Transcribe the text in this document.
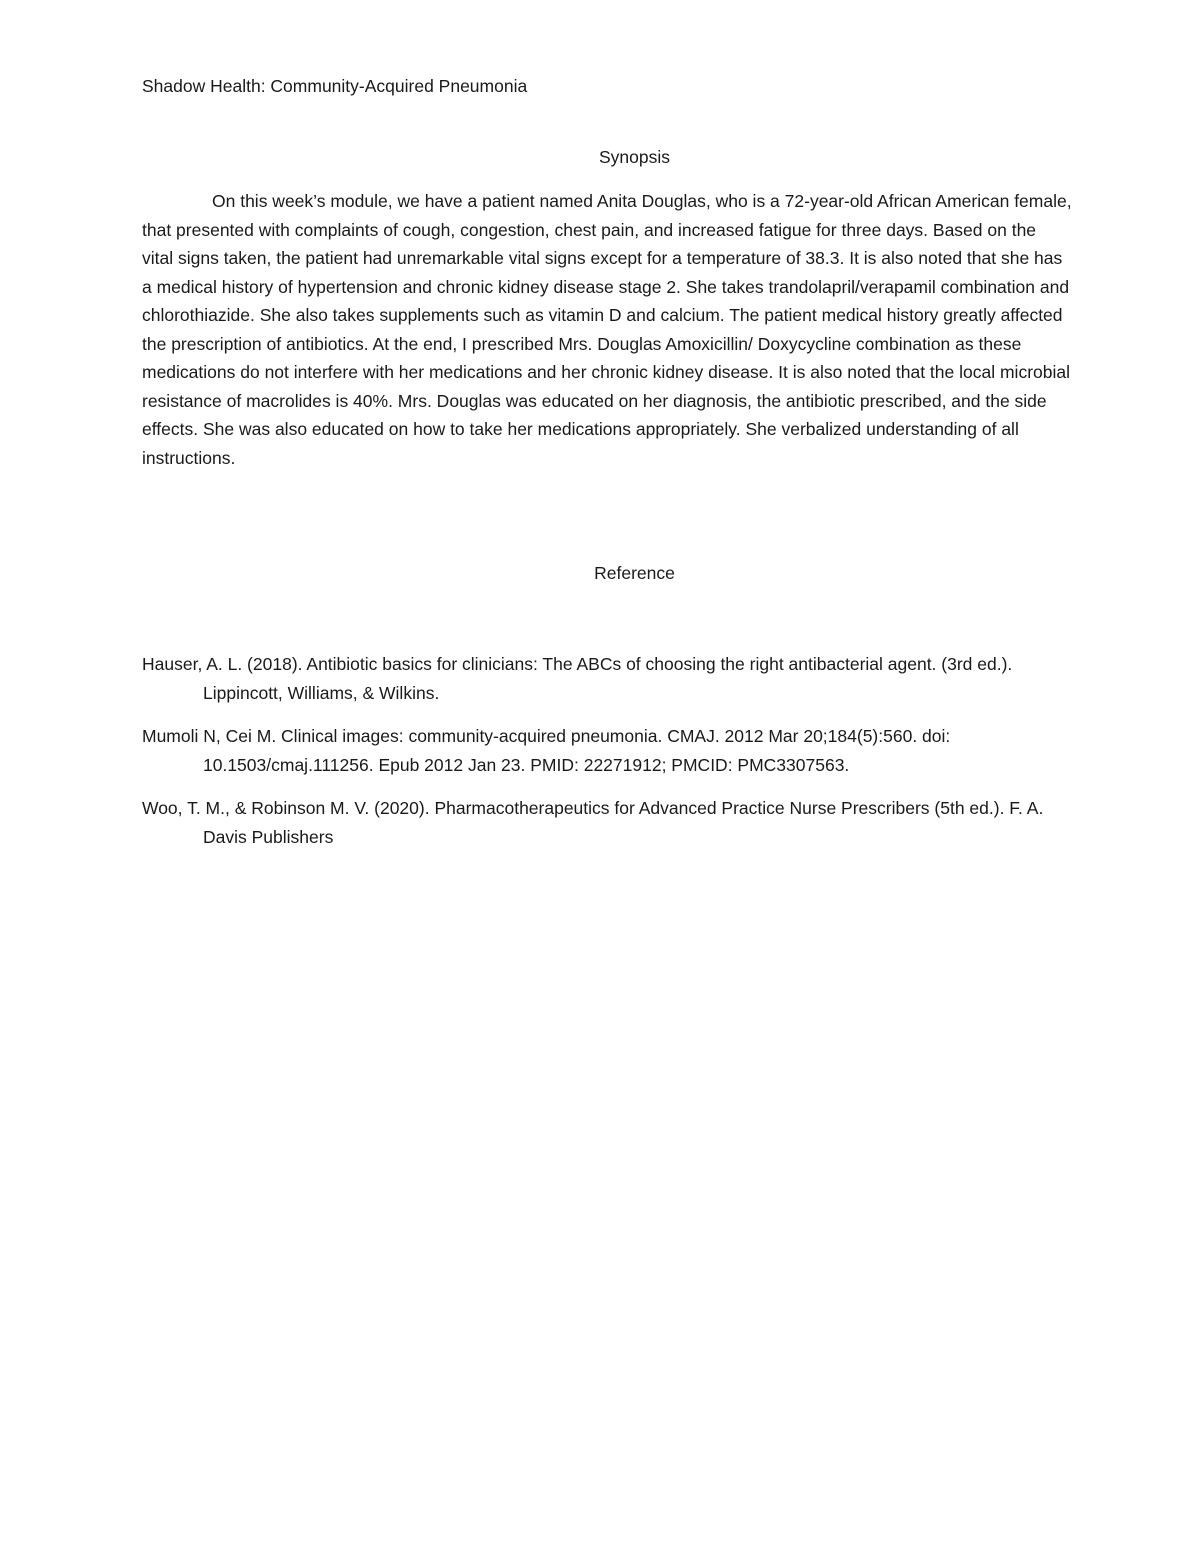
Shadow Health: Community-Acquired Pneumonia
Synopsis

On this week’s module, we have a patient named Anita Douglas, who is a 72-year-old African American female, that presented with complaints of cough, congestion, chest pain, and increased fatigue for three days. Based on the vital signs taken, the patient had unremarkable vital signs except for a temperature of 38.3. It is also noted that she has a medical history of hypertension and chronic kidney disease stage 2. She takes trandolapril/verapamil combination and chlorothiazide. She also takes supplements such as vitamin D and calcium. The patient medical history greatly affected the prescription of antibiotics. At the end, I prescribed Mrs. Douglas Amoxicillin/ Doxycycline combination as these medications do not interfere with her medications and her chronic kidney disease. It is also noted that the local microbial resistance of macrolides is 40%. Mrs. Douglas was educated on her diagnosis, the antibiotic prescribed, and the side effects. She was also educated on how to take her medications appropriately. She verbalized understanding of all instructions.

Reference
Hauser, A. L. (2018). Antibiotic basics for clinicians: The ABCs of choosing the right antibacterial agent. (3rd ed.). Lippincott, Williams, & Wilkins.
Mumoli N, Cei M. Clinical images: community-acquired pneumonia. CMAJ. 2012 Mar 20;184(5):560. doi: 10.1503/cmaj.111256. Epub 2012 Jan 23. PMID: 22271912; PMCID: PMC3307563.
Woo, T. M., & Robinson M. V. (2020). Pharmacotherapeutics for Advanced Practice Nurse Prescribers (5th ed.). F. A. Davis Publishers
